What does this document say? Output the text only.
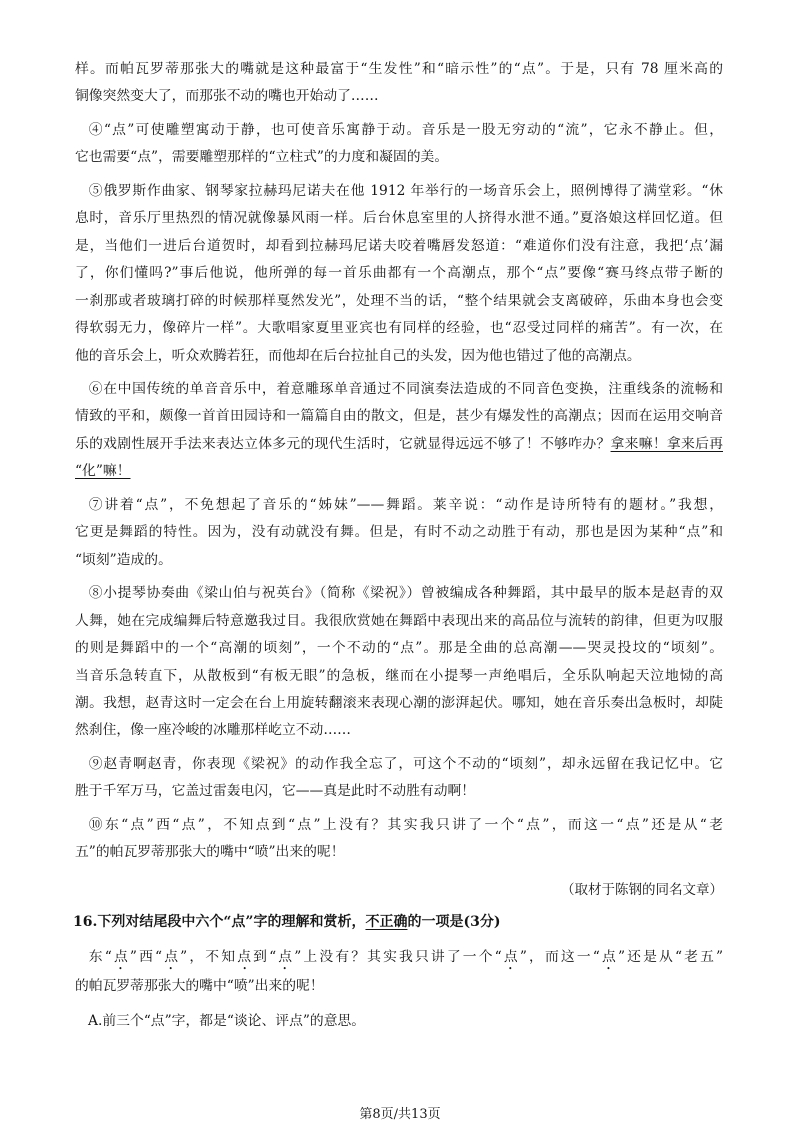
样。而帕瓦罗蒂那张大的嘴就是这种最富于“生发性”和“暗示性”的“点”。于是，只有 78 厘米高的
铜像突然变大了，而那张不动的嘴也开始动了……
④“点”可使雕塑寓动于静，也可使音乐寓静于动。音乐是一股无穷动的“流”，它永不静止。但，
它也需要“点”，需要雕塑那样的“立柱式”的力度和凝固的美。
⑤俄罗斯作曲家、钢琴家拉赫玛尼诺夫在他 1912 年举行的一场音乐会上，照例博得了满堂彩。“休
息时，音乐厅里热烈的情况就像暴风雨一样。后台休息室里的人挤得水泄不通。”夏洛娘这样回忆道。但
是，当他们一进后台道贺时，却看到拉赫玛尼诺夫咬着嘴唇发怒道：“难道你们没有注意，我把‘点’漏
了，你们懂吗?”事后他说，他所弹的每一首乐曲都有一个高潮点，那个“点”要像“赛马终点带子断的
一刹那或者玻璃打碎的时候那样戛然发光”，处理不当的话，“整个结果就会支离破碎，乐曲本身也会变
得软弱无力，像碎片一样”。大歌唱家夏里亚宾也有同样的经验，也“忍受过同样的痛苦”。有一次，在
他的音乐会上，听众欢腾若狂，而他却在后台拉扯自己的头发，因为他也错过了他的高潮点。
⑥在中国传统的单音音乐中，着意雕琢单音通过不同演奏法造成的不同音色变换，注重线条的流畅和
情致的平和，颇像一首首田园诗和一篇篇自由的散文，但是，甚少有爆发性的高潮点；因而在运用交响音
乐的戏剧性展开手法来表达立体多元的现代生活时，它就显得远远不够了！不够咋办？拿来嘛！拿来后再
“化”嘛！
⑦讲着“点”，不免想起了音乐的“姊妹”——舞蹈。莱辛说：“动作是诗所特有的题材。”我想，
它更是舞蹈的特性。因为，没有动就没有舞。但是，有时不动之动胜于有动，那也是因为某种“点”和
“顷刻”造成的。
⑧小提琴协奏曲《梁山伯与祝英台》（简称《梁祝》）曾被编成各种舞蹈，其中最早的版本是赵青的双
人舞，她在完成编舞后特意邀我过目。我很欣赏她在舞蹈中表现出来的高品位与流转的韵律，但更为叹服
的则是舞蹈中的一个“高潮的顷刻”，一个不动的“点”。那是全曲的总高潮——哭灵投坟的“顷刻”。
当音乐急转直下，从散板到“有板无眼”的急板，继而在小提琴一声绝唱后，全乐队响起天泣地恸的高
潮。我想，赵青这时一定会在台上用旋转翻滚来表现心潮的澎湃起伏。哪知，她在音乐奏出急板时，却陡
然刹住，像一座冷峻的冰雕那样屹立不动……
⑨赵青啊赵青，你表现《梁祝》的动作我全忘了，可这个不动的“顷刻”，却永远留在我记忆中。它
胜于千军万马，它盖过雷轰电闪，它——真是此时不动胜有动啊！
⑩东“点”西“点”，不知点到“点”上没有？其实我只讲了一个“点”，而这一“点”还是从“老
五”的帕瓦罗蒂那张大的嘴中“喷”出来的呢！
（取材于陈钢的同名文章）
16.下列对结尾段中六个“点”字的理解和赏析，不正确的一项是(3分)
东“点”西“点”，不知点到“点”上没有？其实我只讲了一个“点”，而这一“点”还是从“老五”
的帕瓦罗蒂那张大的嘴中“喷”出来的呢！
A.前三个“点”字，都是“谈论、评点”的意思。
第8页/共13页
